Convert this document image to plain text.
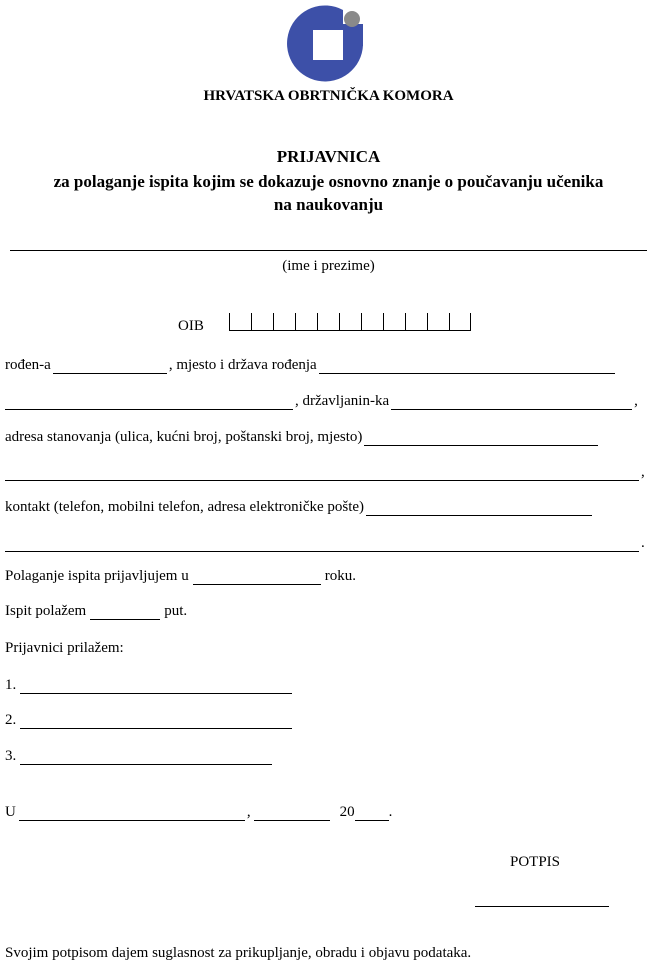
HRVATSKA OBRTNIČKA KOMORA
PRIJAVNICA
za polaganje ispita kojim se dokazuje osnovno znanje o poučavanju učenika
na naukovanju
(ime i prezime)
OIB
rođen-a	, mjesto i država rođenja
, državljanin-ka	,
adresa stanovanja (ulica, kućni broj, poštanski broj, mjesto)
,
kontakt (telefon, mobilni telefon, adresa elektroničke pošte)
.
Polaganje ispita prijavljujem u	roku.
Ispit polažem	put.
Prijavnici prilažem:
1.
2.
3.
U	,	20 .
POTPIS
Svojim potpisom dajem suglasnost za prikupljanje, obradu i objavu podataka.
